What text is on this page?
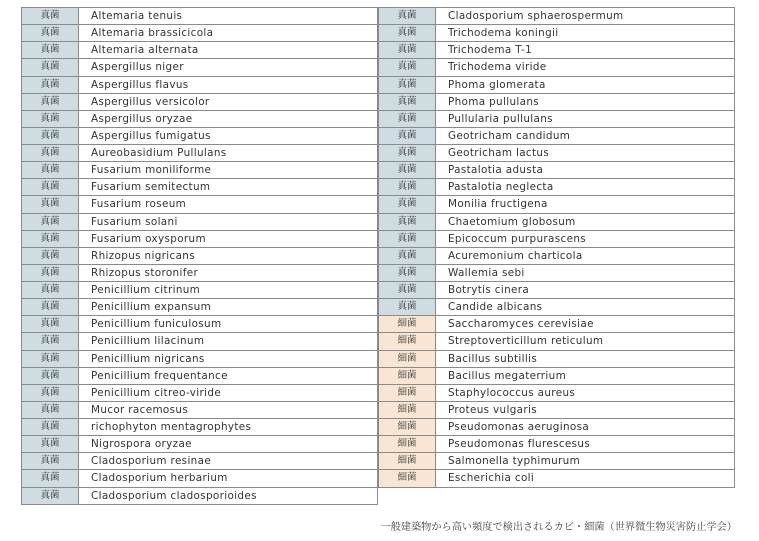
真菌	Altemaria tenuis
真菌	Altemaria brassicicola
真菌	Altemaria alternata
真菌	Aspergillus niger
真菌	Aspergillus flavus
真菌	Aspergillus versicolor
真菌	Aspergillus oryzae
真菌	Aspergillus fumigatus
真菌	Aureobasidium Pullulans
真菌	Fusarium moniliforme
真菌	Fusarium semitectum
真菌	Fusarium roseum
真菌	Fusarium solani
真菌	Fusarium oxysporum
真菌	Rhizopus nigricans
真菌	Rhizopus storonifer
真菌	Penicillium citrinum
真菌	Penicillium expansum
真菌	Penicillium funiculosum
真菌	Penicillium lilacinum
真菌	Penicillium nigricans
真菌	Penicillium frequentance
真菌	Penicillium citreo-viride
真菌	Mucor racemosus
真菌	richophyton mentagrophytes
真菌	Nigrospora oryzae
真菌	Cladosporium resinae
真菌	Cladosporium herbarium
真菌	Cladosporium cladosporioides
真菌	Cladosporium sphaerospermum
真菌	Trichodema koningii
真菌	Trichodema T-1
真菌	Trichodema viride
真菌	Phoma glomerata
真菌	Phoma pullulans
真菌	Pullularia pullulans
真菌	Geotricham candidum
真菌	Geotricham lactus
真菌	Pastalotia adusta
真菌	Pastalotia neglecta
真菌	Monilia fructigena
真菌	Chaetomium globosum
真菌	Epicoccum purpurascens
真菌	Acuremonium charticola
真菌	Wallemia sebi
真菌	Botrytis cinera
真菌	Candide albicans
細菌	Saccharomyces cerevisiae
細菌	Streptoverticillum reticulum
細菌	Bacillus subtillis
細菌	Bacillus megaterrium
細菌	Staphylococcus aureus
細菌	Proteus vulgaris
細菌	Pseudomonas aeruginosa
細菌	Pseudomonas flurescesus
細菌	Salmonella typhimurum
細菌	Escherichia coli
一般建築物から高い頻度で検出されるカビ・細菌（世界微生物災害防止学会）
